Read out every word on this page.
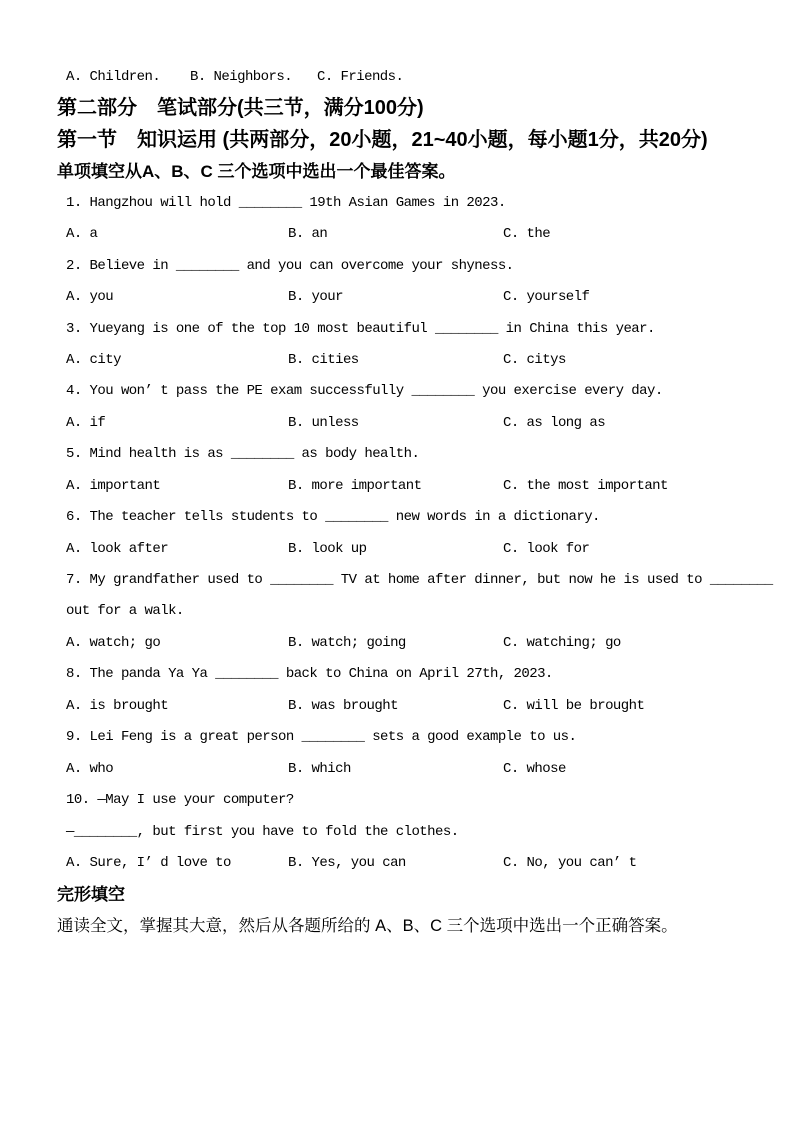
A. Children.	B. Neighbors.	C. Friends.
第二部分　笔试部分(共三节，满分100分)
第一节　知识运用 (共两部分，20小题，21~40小题，每小题1分，共20分)
单项填空从A、B、C 三个选项中选出一个最佳答案。
1. Hangzhou will hold ________ 19th Asian Games in 2023.
A. a	B. an	C. the
2. Believe in ________ and you can overcome your shyness.
A. you	B. your	C. yourself
3. Yueyang is one of the top 10 most beautiful ________ in China this year.
A. city	B. cities	C. citys
4. You won’ t pass the PE exam successfully ________ you exercise every day.
A. if	B. unless	C. as long as
5. Mind health is as ________ as body health.
A. important	B. more important	C. the most important
6. The teacher tells students to ________ new words in a dictionary.
A. look after	B. look up	C. look for
7. My grandfather used to ________ TV at home after dinner, but now he is used to ________
out for a walk.
A. watch; go	B. watch; going	C. watching; go
8. The panda Ya Ya ________ back to China on April 27th, 2023.
A. is brought	B. was brought	C. will be brought
9. Lei Feng is a great person ________ sets a good example to us.
A. who	B. which	C. whose
10. —May I use your computer?
—________, but first you have to fold the clothes.
A. Sure, I’ d love to	B. Yes, you can	C. No, you can’ t
完形填空
通读全文，掌握其大意，然后从各题所给的 A、B、C 三个选项中选出一个正确答案。
